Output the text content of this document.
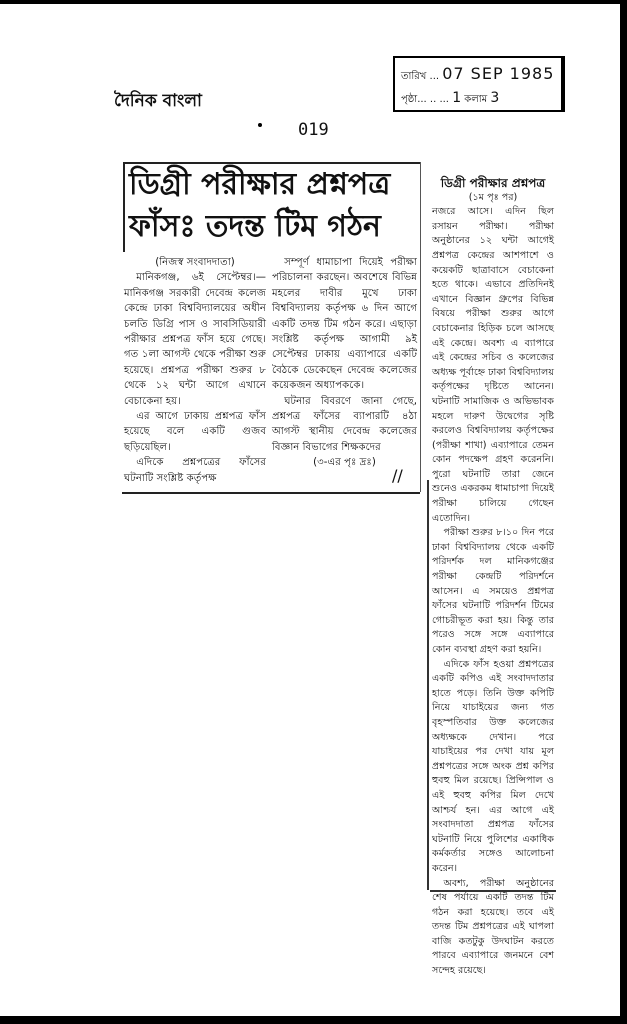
দৈনিক বাংলা
তারিখ ... 07 SEP 1985
পৃষ্ঠা... .. ... 1 কলাম 3
019
ডিগ্রী পরীক্ষার প্রশ্নপত্র
ফাঁসঃ তদন্ত টিম গঠন

(নিজস্ব সংবাদদাতা)

মানিকগঞ্জ, ৬ই সেপ্টেম্বর।— মানিকগঞ্জ সরকারী দেবেন্দ্র কলেজ কেন্দ্রে ঢাকা বিশ্ববিদ্যালয়ের অধীন চলতি ডিগ্রি পাস ও সাবসিডিয়ারী পরীক্ষার প্রশ্নপত্র ফাঁস হয়ে গেছে। গত ১লা আগস্ট থেকে পরীক্ষা শুরু হয়েছে। প্রশ্নপত্র পরীক্ষা শুরুর ৮ থেকে ১২ ঘন্টা আগে এখানে বেচাকেনা হয়।

এর আগে ঢাকায় প্রশ্নপত্র ফাঁস হয়েছে বলে একটি গুজব ছড়িয়েছিল।

এদিকে প্রশ্নপত্রের ফাঁসের ঘটনাটি সংশ্লিষ্ট কর্তৃপক্ষ

সম্পূর্ণ ধামাচাপা দিয়েই পরীক্ষা পরিচালনা করছেন। অবশেষে বিভিন্ন মহলের দাবীর মুখে ঢাকা বিশ্ববিদ্যালয় কর্তৃপক্ষ ৬ দিন আগে একটি তদন্ত টিম গঠন করে। এছাড়া সংশ্লিষ্ট কর্তৃপক্ষ আগামী ৯ই সেপ্টেম্বর ঢাকায় এব্যাপারে একটি বৈঠকে ডেকেছেন দেবেন্দ্র কলেজের কয়েকজন অধ্যাপককে।

ঘটনার বিবরণে জানা গেছে, প্রশ্নপত্র ফাঁসের ব্যাপারটি ৪ঠা আগস্ট স্থানীয় দেবেন্দ্র কলেজের বিজ্ঞান বিভাগের শিক্ষকদের

(৩-এর পৃঃ দ্রঃ)

//

ডিগ্রী পরীক্ষার প্রশ্নপত্র

(১ম পৃঃ পর)

নজরে আসে। এদিন ছিল রসায়ন পরীক্ষা। পরীক্ষা অনুষ্ঠানের ১২ ঘন্টা আগেই প্রশ্নপত্র কেন্দ্রের আশপাশে ও কয়েকটি ছাত্রাবাসে বেচাকেনা হতে থাকে। এভাবে প্রতিদিনই এখানে বিজ্ঞান গ্রুপের বিভিন্ন বিষয়ে পরীক্ষা শুরুর আগে বেচাকেনার হিড়িক চলে আসছে এই কেন্দ্রে। অবশ্য এ ব্যাপারে এই কেন্দ্রের সচিব ও কলেজের অধ্যক্ষ পূর্বাহ্নে ঢাকা বিশ্ববিদ্যালয় কর্তৃপক্ষের দৃষ্টিতে আনেন। ঘটনাটি সামাজিক ও অভিভাবক মহলে দারুণ উদ্বেগের সৃষ্টি করলেও বিশ্ববিদ্যালয় কর্তৃপক্ষের (পরীক্ষা শাখা) এব্যাপারে তেমন কোন পদক্ষেপ গ্রহণ করেননি। পুরো ঘটনাটি তারা জেনে শুনেও একরকম ধামাচাপা দিয়েই পরীক্ষা চালিয়ে গেছেন এতোদিন।

পরীক্ষা শুরুর ৮।১০ দিন পরে ঢাকা বিশ্ববিদ্যালয় থেকে একটি পরিদর্শক দল মানিকগঞ্জের পরীক্ষা কেন্দ্রটি পরিদর্শনে আসেন। এ সময়েও প্রশ্নপত্র ফাঁসের ঘটনাটি পরিদর্শন টিমের গোচরীভূত করা হয়। কিন্তু তার পরেও সঙ্গে সঙ্গে এব্যাপারে কোন ব্যবস্থা গ্রহণ করা হয়নি।

এদিকে ফাঁস হওয়া প্রশ্নপত্রের একটি কপিও এই সংবাদদাতার হাতে পড়ে। তিনি উক্ত কপিটি নিয়ে যাচাইয়ের জন্য গত বৃহস্পতিবার উক্ত কলেজের অধ্যক্ষকে দেখান। পরে যাচাইয়ের পর দেখা যায় মূল প্রশ্নপত্রের সঙ্গে অংক প্রশ্ন কপির হুবহু মিল রয়েছে। প্রিন্সিপাল ও এই হুবহু কপির মিল দেখে আশ্চর্য হন। এর আগে এই সংবাদদাতা প্রশ্নপত্র ফাঁসের ঘটনাটি নিয়ে পুলিশের একাধিক কর্মকর্তার সঙ্গেও আলোচনা করেন।

অবশ্য, পরীক্ষা অনুষ্ঠানের শেষ পর্যায়ে একটি তদন্ত টিম গঠন করা হয়েছে। তবে এই তদন্ত টিম প্রশ্নপত্রের এই ঘাপলা বাজি কতটুকু উদঘাটন করতে পারবে এব্যাপারে জনমনে বেশ সন্দেহ রয়েছে।
